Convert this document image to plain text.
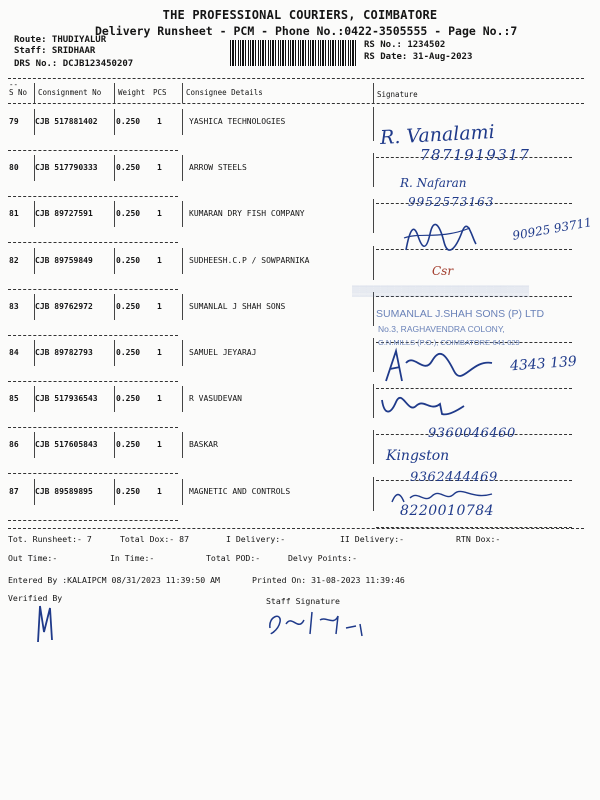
THE PROFESSIONAL COURIERS, COIMBATORE
Delivery Runsheet - PCM - Phone No.:0422-3505555 - Page No.:7
Route: THUDIYALUR
Staff: SRIDHAAR
DRS No.: DCJB123450207
RS No.: 1234502
RS Date: 31-Aug-2023
--
S No Consignment No Weight PCS	Consignee Details	Signature
79 CJB 517881402 0.250 1	YASHICA TECHNOLOGIES
80 CJB 517790333 0.250 1	ARROW STEELS
81 CJB 89727591	0.250 1	KUMARAN DRY FISH COMPANY
82 CJB 89759849	0.250 1	SUDHEESH.C.P / SOWPARNIKA
83 CJB 89762972	0.250 1	SUMANLAL J SHAH SONS
84 CJB 89782793	0.250 1	SAMUEL JEYARAJ
85 CJB 517936543 0.250 1	R VASUDEVAN
86 CJB 517605843 0.250 1	BASKAR
87 CJB 89589895	0.250 1	MAGNETIC AND CONTROLS
R. Vanalami
7871919317
R. Nafaran
9952573163
90925 93711
Csr
▒▒▒▒▒▒▒▒▒▒▒▒▒▒▒▒▒▒▒▒▒▒▒▒▒
SUMANLAL J.SHAH SONS (P) LTD
No.3, RAGHAVENDRA COLONY,
G.N.MILLS (P.O.), COIMBATORE-641 029
4343 139
9360046460
Kingston
9362444469
8220010784
Tot. Runsheet:- 7	Total Dox:- 87	I Delivery:-	II Delivery:-	RTN Dox:-
Out Time:-	In Time:-	Total POD:-	Delvy Points:-
Entered By :KALAIPCM 08/31/2023 11:39:50 AM	Printed On: 31-08-2023 11:39:46
Verified By	Staff Signature
